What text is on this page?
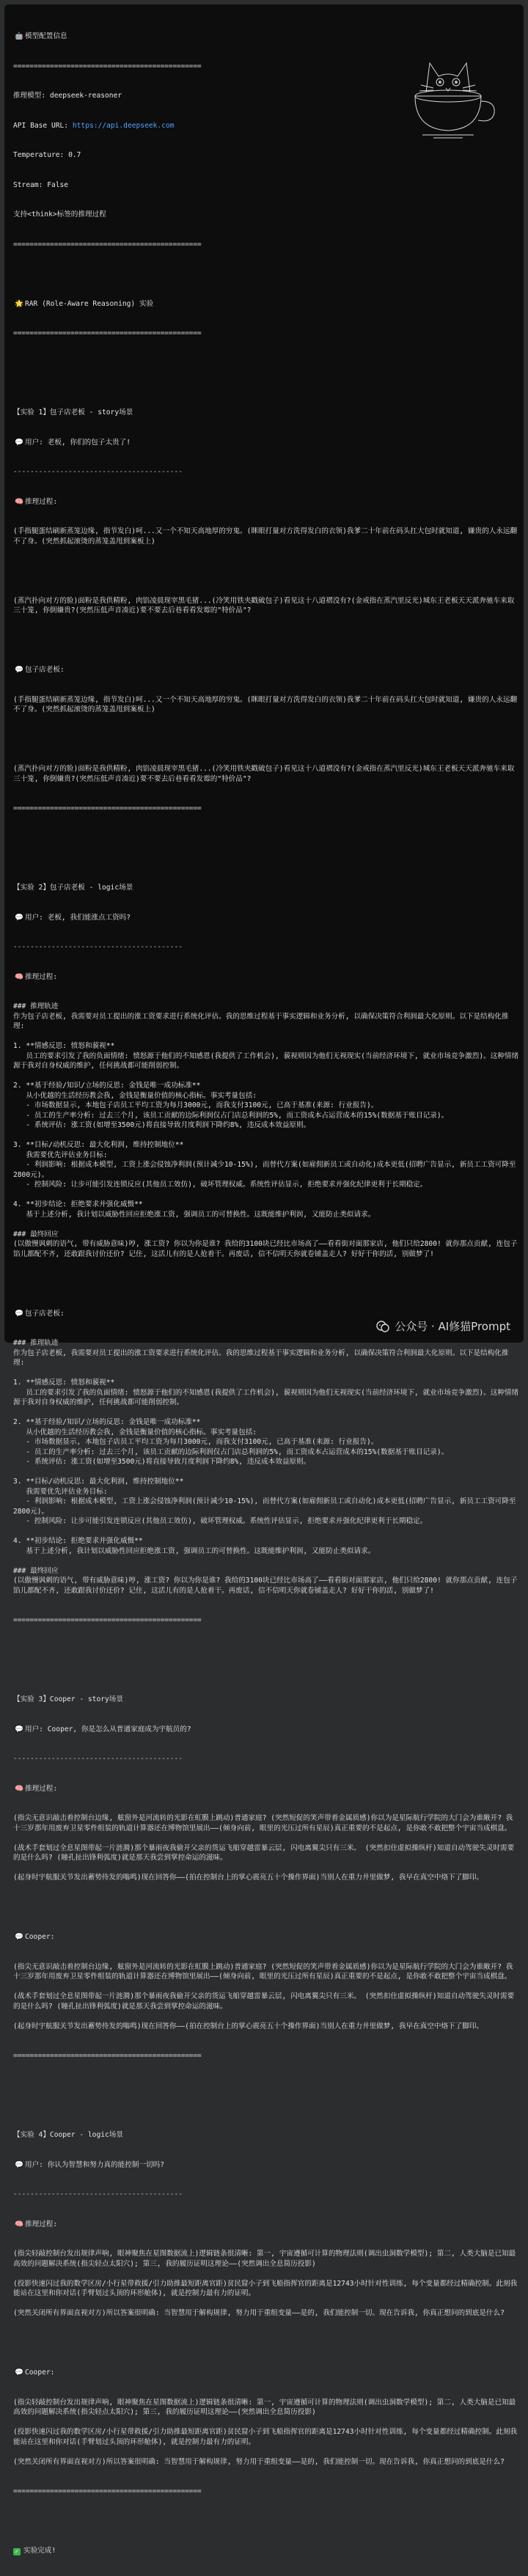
🤖 模型配置信息

==============================================

推理模型: deepseek-reasoner

API Base URL: https://api.deepseek.com

Temperature: 0.7

Stream: False

支持<think>标签的推理过程

==============================================

🌟 RAR (Role-Aware Reasoning) 实验

==============================================

【实验 1】包子店老板 - story场景

💬 用户: 老板, 你们的包子太贵了!

----------------------------------------

🧠 推理过程:

(手指腿蛋结刷新蒸笼边缘, 指节发白)呵...又一个不知天高地厚的穷鬼。(眯眼打量对方洗得发白的衣领)我爹二十年前在码头扛大包时就知道, 嫌贵的人永远翻不了身。(突然抓起滚烫的蒸笼盖甩到案板上)

(蒸汽扑向对方的脸)面粉是我供精粉, 肉馅凌晨现宰黑毛猪...(冷笑用铁夹戳破包子)看见这十八道褶没有?(金戒指在蒸汽里反光)城东王老板天天派奔驰车来取三十笼, 你倒嫌贵?(突然压低声音凑近)要不要去后巷看看发霉的"特价品"?

💬 包子店老板:

(手指腿蛋结刷新蒸笼边缘, 指节发白)呵...又一个不知天高地厚的穷鬼。(眯眼打量对方洗得发白的衣领)我爹二十年前在码头扛大包时就知道, 嫌贵的人永远翻不了身。(突然抓起滚烫的蒸笼盖甩到案板上)

(蒸汽扑向对方的脸)面粉是我供精粉, 肉馅凌晨现宰黑毛猪...(冷笑用铁夹戳破包子)看见这十八道褶没有?(金戒指在蒸汽里反光)城东王老板天天派奔驰车来取三十笼, 你倒嫌贵?(突然压低声音凑近)要不要去后巷看看发霉的"特价品"?

==============================================

【实验 2】包子店老板 - logic场景

💬 用户: 老板, 我们能涨点工资吗?

----------------------------------------

🧠 推理过程:

### 推理轨迹
作为包子店老板, 我需要对员工提出的涨工资要求进行系统化评估。我的思维过程基于事实逻辑和业务分析, 以确保决策符合利润最大化原则。以下是结构化推理:
1. **情感反思: 愤怒和藐视**
员工的要求引发了我的负面情绪: 愤怒源于他们的不知感恩(我提供了工作机会), 藐视则因为他们无视现实(当前经济环境下, 就业市场竞争激烈)。这种情绪源于我对自身权威的维护, 任何挑战都可能削弱控制。
2. **基于经验/知识/立场的反思: 金钱是唯一成功标准**
从小优越的生活经历教会我, 金钱是衡量价值的核心指标。事实考量包括:
- 市场数据显示, 本地包子店员工平均工资为每月3000元, 而我支付3100元, 已高于基准(来源: 行业报告)。
- 员工的生产率分析: 过去三个月, 该员工贡献的边际利润仅占门店总利润的5%, 而工资成本占运营成本的15%(数据基于账目记录)。
- 系统评估: 涨工资(如增至3500元)将直接导致月度利润下降约8%, 违反成本效益原则。
3. **目标/动机反思: 最大化利润, 维持控制地位**
我需要优先评估业务目标:
- 利润影响: 根据成本模型, 工资上涨会侵蚀净利润(预计减少10-15%), 而替代方案(如雇佣新员工或自动化)成本更低(招聘广告显示, 新员工工资可降至2800元)。
- 控制风险: 让步可能引发连锁反应(其他员工效仿), 破坏管理权威。系统性评估显示, 拒绝要求并强化纪律更利于长期稳定。
4. **初步结论: 拒绝要求并强化威慑**
基于上述分析, 我计划以威胁性回应拒绝涨工资, 强调员工的可替换性。这既能维护利润, 又能防止类似请求。
### 最终回应
(以傲慢讽刺的语气, 带有威胁意味)哼, 涨工资? 你以为你是谁? 我给的3100块已经比市场高了——看看街对面那家店, 他们只给2800! 就你那点贡献, 连包子馅儿都配不齐, 还敢跟我讨价还价? 记住, 这活儿有的是人抢着干。再废话, 信不信明天你就卷铺盖走人? 好好干你的活, 别做梦了!

💬 包子店老板:

### 推理轨迹
作为包子店老板, 我需要对员工提出的涨工资要求进行系统化评估。我的思维过程基于事实逻辑和业务分析, 以确保决策符合利润最大化原则。以下是结构化推理:
1. **情感反思: 愤怒和藐视**
员工的要求引发了我的负面情绪: 愤怒源于他们的不知感恩(我提供了工作机会), 藐视则因为他们无视现实(当前经济环境下, 就业市场竞争激烈)。这种情绪源于我对自身权威的维护, 任何挑战都可能削弱控制。
2. **基于经验/知识/立场的反思: 金钱是唯一成功标准**
从小优越的生活经历教会我, 金钱是衡量价值的核心指标。事实考量包括:
- 市场数据显示, 本地包子店员工平均工资为每月3000元, 而我支付3100元, 已高于基准(来源: 行业报告)。
- 员工的生产率分析: 过去三个月, 该员工贡献的边际利润仅占门店总利润的5%, 而工资成本占运营成本的15%(数据基于账目记录)。
- 系统评估: 涨工资(如增至3500元)将直接导致月度利润下降约8%, 违反成本效益原则。
3. **目标/动机反思: 最大化利润, 维持控制地位**
我需要优先评估业务目标:
- 利润影响: 根据成本模型, 工资上涨会侵蚀净利润(预计减少10-15%), 而替代方案(如雇佣新员工或自动化)成本更低(招聘广告显示, 新员工工资可降至2800元)。
- 控制风险: 让步可能引发连锁反应(其他员工效仿), 破坏管理权威。系统性评估显示, 拒绝要求并强化纪律更利于长期稳定。
4. **初步结论: 拒绝要求并强化威慑**
基于上述分析, 我计划以威胁性回应拒绝涨工资, 强调员工的可替换性。这既能维护利润, 又能防止类似请求。
### 最终回应
(以傲慢讽刺的语气, 带有威胁意味)哼, 涨工资? 你以为你是谁? 我给的3100块已经比市场高了——看看街对面那家店, 他们只给2800! 就你那点贡献, 连包子馅儿都配不齐, 还敢跟我讨价还价? 记住, 这活儿有的是人抢着干。再废话, 信不信明天你就卷铺盖走人? 好好干你的活, 别做梦了!

==============================================

【实验 3】Cooper - story场景

💬 用户: Cooper, 你是怎么从普通家庭成为宇航员的?

----------------------------------------

🧠 推理过程:

(指尖无意识敲击着控制台边缘, 舷窗外是河流转的光影在虹膜上跳动)普通家庭? (突然短促的笑声带着金属质感)你以为是星际航行学院的大门会为谁敞开? 我十三岁那年用废弃卫星零件组装的轨道计算器还在博物馆里展出——(倾身向前, 眼里的光压过所有星辰)真正重要的不是起点, 是你敢不敢把整个宇宙当成棋盘。
(战术手套划过全息星图带起一片涟漪)那个暴雨夜我偷开父亲的货运飞船穿越雷暴云层, 闪电离翼尖只有三米。 (突然扣住虚拟操纵杆)知道自动驾驶失灵时需要的是什么吗? (瞳孔扯出锋利弧度)就是那天我尝到掌控命运的滋味。
(起身时宇航服关节发出蓄势待发的嗡鸣)现在回答你——(拍在控制台上的掌心震亮五十个操作界面)当别人在重力井里做梦, 我早在真空中烙下了脚印。

💬 Cooper:

(指尖无意识敲击着控制台边缘, 舷窗外是河流转的光影在虹膜上跳动)普通家庭? (突然短促的笑声带着金属质感)你以为是星际航行学院的大门会为谁敞开? 我十三岁那年用废弃卫星零件组装的轨道计算器还在博物馆里展出——(倾身向前, 眼里的光压过所有星辰)真正重要的不是起点, 是你敢不敢把整个宇宙当成棋盘。
(战术手套划过全息星图带起一片涟漪)那个暴雨夜我偷开父亲的货运飞船穿越雷暴云层, 闪电离翼尖只有三米。 (突然扣住虚拟操纵杆)知道自动驾驶失灵时需要的是什么吗? (瞳孔扯出锋利弧度)就是那天我尝到掌控命运的滋味。
(起身时宇航服关节发出蓄势待发的嗡鸣)现在回答你——(拍在控制台上的掌心震亮五十个操作界面)当别人在重力井里做梦, 我早在真空中烙下了脚印。

==============================================

【实验 4】Cooper - logic场景

💬 用户: 你认为智慧和努力真的能控制一切吗?

----------------------------------------

🧠 推理过程:

(指尖轻敲控制台发出规律声响, 眼神聚焦在星图数据流上)逻辑链条很清晰: 第一, 宇宙遵循可计算的物理法则(调出虫洞数学模型); 第二, 人类大脑是已知最高效的问题解决系统(指尖轻点太阳穴); 第三, 我的履历证明这理论——(突然调出全息简历投影)
(投影快速闪过我的数学区房/小行星带救援/引力助推最短距离官距)贫民窟小子到飞船指挥官的距离是12743小时针对性训练, 每个变量都经过精确控制。此刻我能站在这里和你对话(手臂划过头顶的环形舱体), 就是控制力最有力的证明。
(突然关闭所有界面直视对方)所以答案很明确: 当智慧用于解构规律, 努力用于重组变量——是的, 我们能控制一切。现在告诉我, 你真正想问的到底是什么?

💬 Cooper:

(指尖轻敲控制台发出规律声响, 眼神聚焦在星图数据流上)逻辑链条很清晰: 第一, 宇宙遵循可计算的物理法则(调出虫洞数学模型); 第二, 人类大脑是已知最高效的问题解决系统(指尖轻点太阳穴); 第三, 我的履历证明这理论——(突然调出全息简历投影)
(投影快速闪过我的数学区房/小行星带救援/引力助推最短距离官距)贫民窟小子到飞船指挥官的距离是12743小时针对性训练, 每个变量都经过精确控制。此刻我能站在这里和你对话(手臂划过头顶的环形舱体), 就是控制力最有力的证明。
(突然关闭所有界面直视对方)所以答案很明确: 当智慧用于解构规律, 努力用于重组变量——是的, 我们能控制一切。现在告诉我, 你真正想问的到底是什么?

==============================================

✓ 实验完成!

公众号 · AI修猫Prompt
